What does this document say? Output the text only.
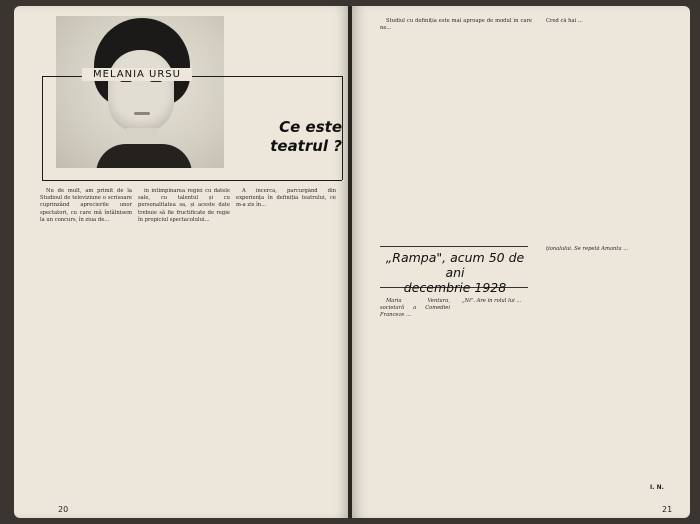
MELANIA URSU
Ce este
teatrul ?

Nu de mult, am primit de la Studioul de televiziune o scrisoare cuprinzând aprecierile unor spectatori, cu care mă întâlnisem la un concurs, în ziua de...

în intimpinarea regiei cu datele sale, cu talentul și cu personalitatea sa, și aceste date trebuie să fie fructificate de regie în propiciul spectacolului...

A încerca, parcurgând din experiența în definiția teatrului, ce m-a zis în...

20

Studiul cu definiția este mai aproape de modul în care ne...

Cred că hai ...

„Rampa", acum 50 de ani
decembrie 1928

Maria Ventura, societară a Comediei Franceze ...

„Ni". Are în rolul lui ...

ționalului. Se repetă Amanta ...

I. N.
21
